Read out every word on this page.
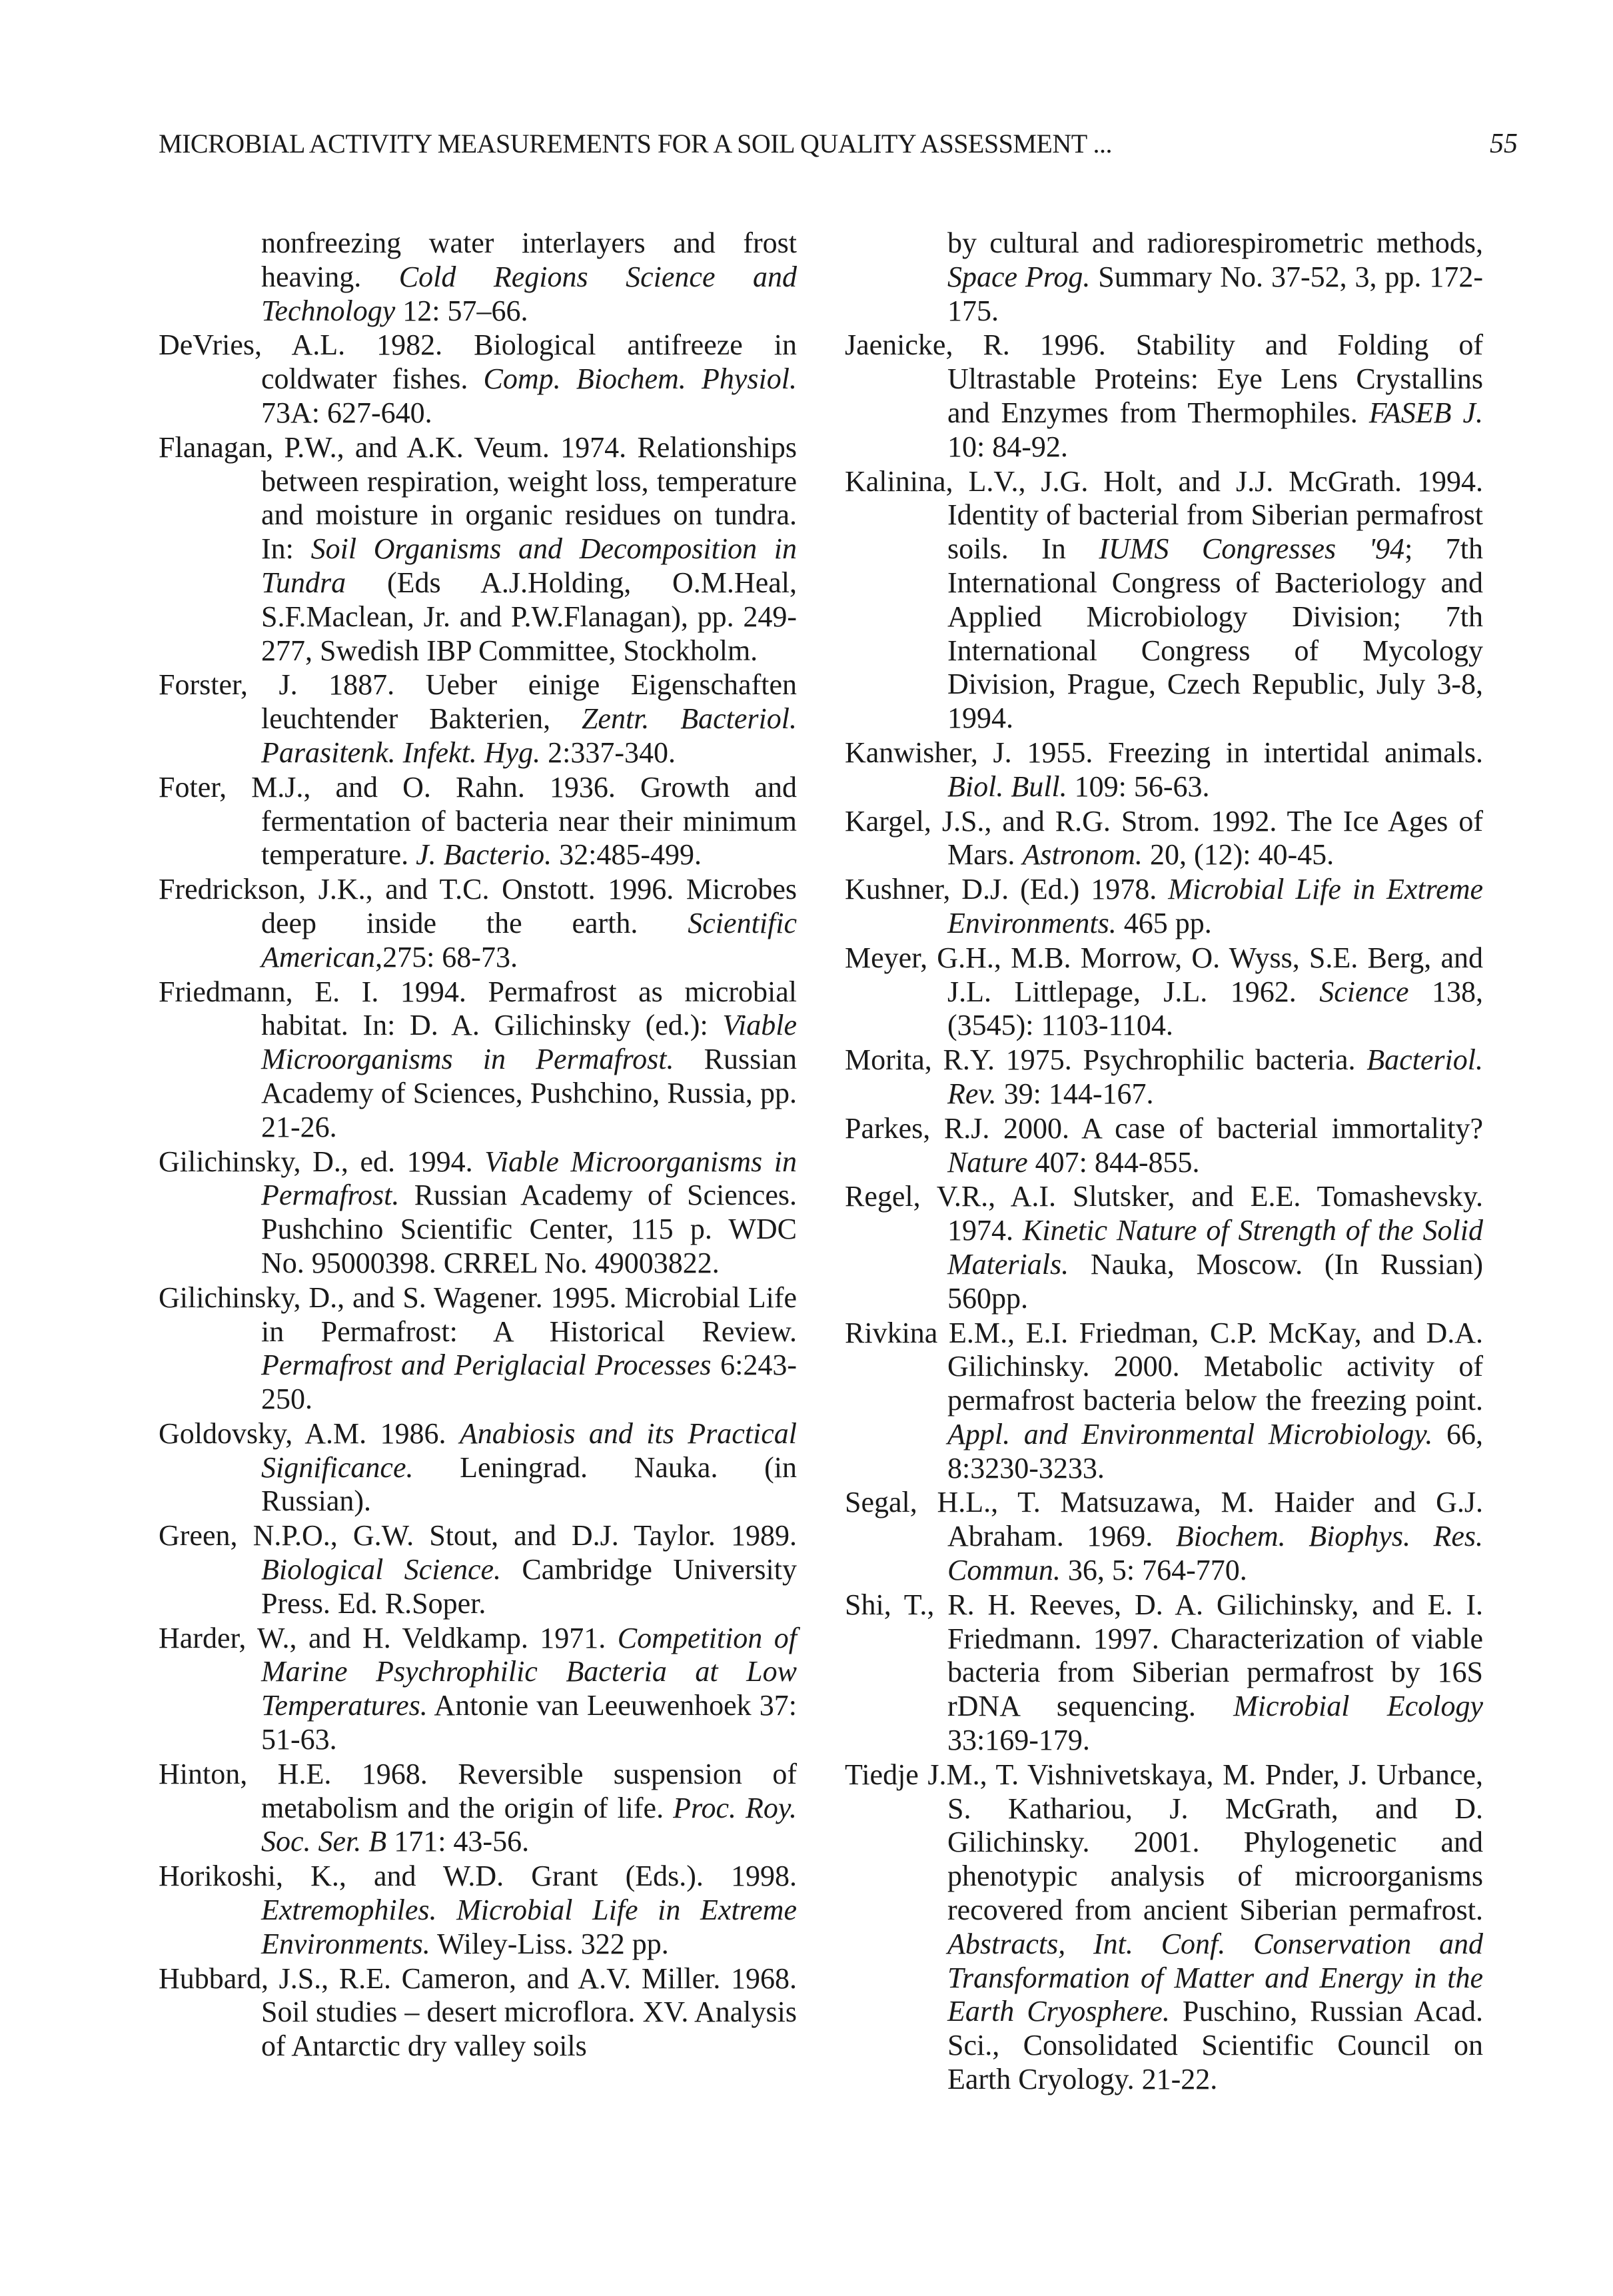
MICROBIAL ACTIVITY MEASUREMENTS FOR A SOIL QUALITY ASSESSMENT ...	55

nonfreezing water interlayers and frost heaving. Cold Regions Science and Technology 12: 57–66.

DeVries, A.L. 1982. Biological antifreeze in coldwater fishes. Comp. Biochem. Physiol. 73A: 627-640.

Flanagan, P.W., and A.K. Veum. 1974. Relationships between respiration, weight loss, temperature and moisture in organic residues on tundra. In: Soil Organisms and Decomposition in Tundra (Eds A.J.Holding, O.M.Heal, S.F.Maclean, Jr. and P.W.Flanagan), pp. 249-277, Swedish IBP Committee, Stockholm.

Forster, J. 1887. Ueber einige Eigenschaften leuchtender Bakterien, Zentr. Bacteriol. Parasitenk. Infekt. Hyg. 2:337-340.

Foter, M.J., and O. Rahn. 1936. Growth and fermentation of bacteria near their minimum temperature. J. Bacterio. 32:485-499.

Fredrickson, J.K., and T.C. Onstott. 1996. Microbes deep inside the earth. Scientific American,275: 68-73.

Friedmann, E. I. 1994. Permafrost as microbial habitat. In: D. A. Gilichinsky (ed.): Viable Microorganisms in Permafrost. Russian Academy of Sciences, Pushchino, Russia, pp. 21-26.

Gilichinsky, D., ed. 1994. Viable Microorganisms in Permafrost. Russian Academy of Sciences. Pushchino Scientific Center, 115 p. WDC No. 95000398. CRREL No. 49003822.

Gilichinsky, D., and S. Wagener. 1995. Microbial Life in Permafrost: A Historical Review. Permafrost and Periglacial Processes 6:243-250.

Goldovsky, A.M. 1986. Anabiosis and its Practical Significance. Leningrad. Nauka. (in Russian).

Green, N.P.O., G.W. Stout, and D.J. Taylor. 1989. Biological Science. Cambridge University Press. Ed. R.Soper.

Harder, W., and H. Veldkamp. 1971. Competition of Marine Psychrophilic Bacteria at Low Temperatures. Antonie van Leeuwenhoek 37: 51-63.

Hinton, H.E. 1968. Reversible suspension of metabolism and the origin of life. Proc. Roy. Soc. Ser. B 171: 43-56.

Horikoshi, K., and W.D. Grant (Eds.). 1998. Extremophiles. Microbial Life in Extreme Environments. Wiley-Liss. 322 pp.

Hubbard, J.S., R.E. Cameron, and A.V. Miller. 1968. Soil studies – desert microflora. XV. Analysis of Antarctic dry valley soils

by cultural and radiorespirometric methods, Space Prog. Summary No. 37-52, 3, pp. 172-175.

Jaenicke, R. 1996. Stability and Folding of Ultrastable Proteins: Eye Lens Crystallins and Enzymes from Thermophiles. FASEB J. 10: 84-92.

Kalinina, L.V., J.G. Holt, and J.J. McGrath. 1994. Identity of bacterial from Siberian permafrost soils. In IUMS Congresses '94; 7th International Congress of Bacteriology and Applied Microbiology Division; 7th International Congress of Mycology Division, Prague, Czech Republic, July 3-8, 1994.

Kanwisher, J. 1955. Freezing in intertidal animals. Biol. Bull. 109: 56-63.

Kargel, J.S., and R.G. Strom. 1992. The Ice Ages of Mars. Astronom. 20, (12): 40-45.

Kushner, D.J. (Ed.) 1978. Microbial Life in Extreme Environments. 465 pp.

Meyer, G.H., M.B. Morrow, O. Wyss, S.E. Berg, and J.L. Littlepage, J.L. 1962. Science 138, (3545): 1103-1104.

Morita, R.Y. 1975. Psychrophilic bacteria. Bacteriol. Rev. 39: 144-167.

Parkes, R.J. 2000. A case of bacterial immortality? Nature 407: 844-855.

Regel, V.R., A.I. Slutsker, and E.E. Tomashevsky. 1974. Kinetic Nature of Strength of the Solid Materials. Nauka, Moscow. (In Russian) 560pp.

Rivkina E.M., E.I. Friedman, C.P. McKay, and D.A. Gilichinsky. 2000. Metabolic activity of permafrost bacteria below the freezing point. Appl. and Environmental Microbiology. 66, 8:3230-3233.

Segal, H.L., T. Matsuzawa, M. Haider and G.J. Abraham. 1969. Biochem. Biophys. Res. Commun. 36, 5: 764-770.

Shi, T., R. H. Reeves, D. A. Gilichinsky, and E. I. Friedmann. 1997. Characterization of viable bacteria from Siberian permafrost by 16S rDNA sequencing. Microbial Ecology 33:169-179.

Tiedje J.M., T. Vishnivetskaya, M. Pnder, J. Urbance, S. Kathariou, J. McGrath, and D. Gilichinsky. 2001. Phylogenetic and phenotypic analysis of microorganisms recovered from ancient Siberian permafrost. Abstracts, Int. Conf. Conservation and Transformation of Matter and Energy in the Earth Cryosphere. Puschino, Russian Acad. Sci., Consolidated Scientific Council on Earth Cryology. 21-22.
